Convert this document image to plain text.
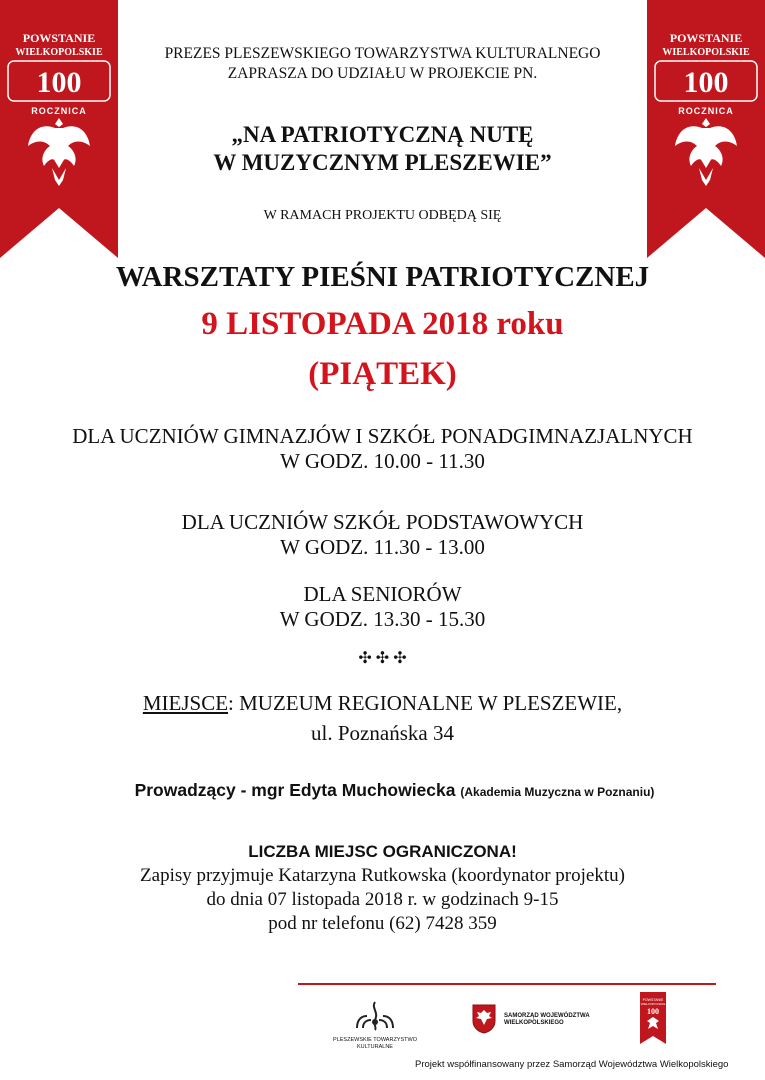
POWSTANIE
WIELKOPOLSKIE
100
ROCZNICA
POWSTANIE
WIELKOPOLSKIE
100
ROCZNICA
PREZES PLESZEWSKIEGO TOWARZYSTWA KULTURALNEGO
ZAPRASZA DO UDZIAŁU W PROJEKCIE PN.
„NA PATRIOTYCZNĄ NUTĘ
W MUZYCZNYM PLESZEWIE”
W RAMACH PROJEKTU ODBĘDĄ SIĘ
WARSZTATY PIEŚNI PATRIOTYCZNEJ
9 LISTOPADA 2018 roku
(PIĄTEK)
DLA UCZNIÓW GIMNAZJÓW I SZKÓŁ PONADGIMNAZJALNYCH
W GODZ. 10.00 - 11.30
DLA UCZNIÓW SZKÓŁ PODSTAWOWYCH
W GODZ. 11.30 - 13.00
DLA SENIORÓW
W GODZ. 13.30 - 15.30
✣ ✣ ✣
MIEJSCE: MUZEUM REGIONALNE W PLESZEWIE,
ul. Poznańska 34
Prowadzący - mgr Edyta Muchowiecka (Akademia Muzyczna w Poznaniu)
LICZBA MIEJSC OGRANICZONA!
Zapisy przyjmuje Katarzyna Rutkowska (koordynator projektu)
do dnia 07 listopada 2018 r. w godzinach 9-15
pod nr telefonu (62) 7428 359
PLESZEWSKIE TOWARZYSTWO
KULTURALNE
SAMORZĄD WOJEWÓDZTWA
WIELKOPOLSKIEGO
POWSTANIE
WIELKOPOLSKIE
100
Projekt współfinansowany przez Samorząd Województwa Wielkopolskiego
